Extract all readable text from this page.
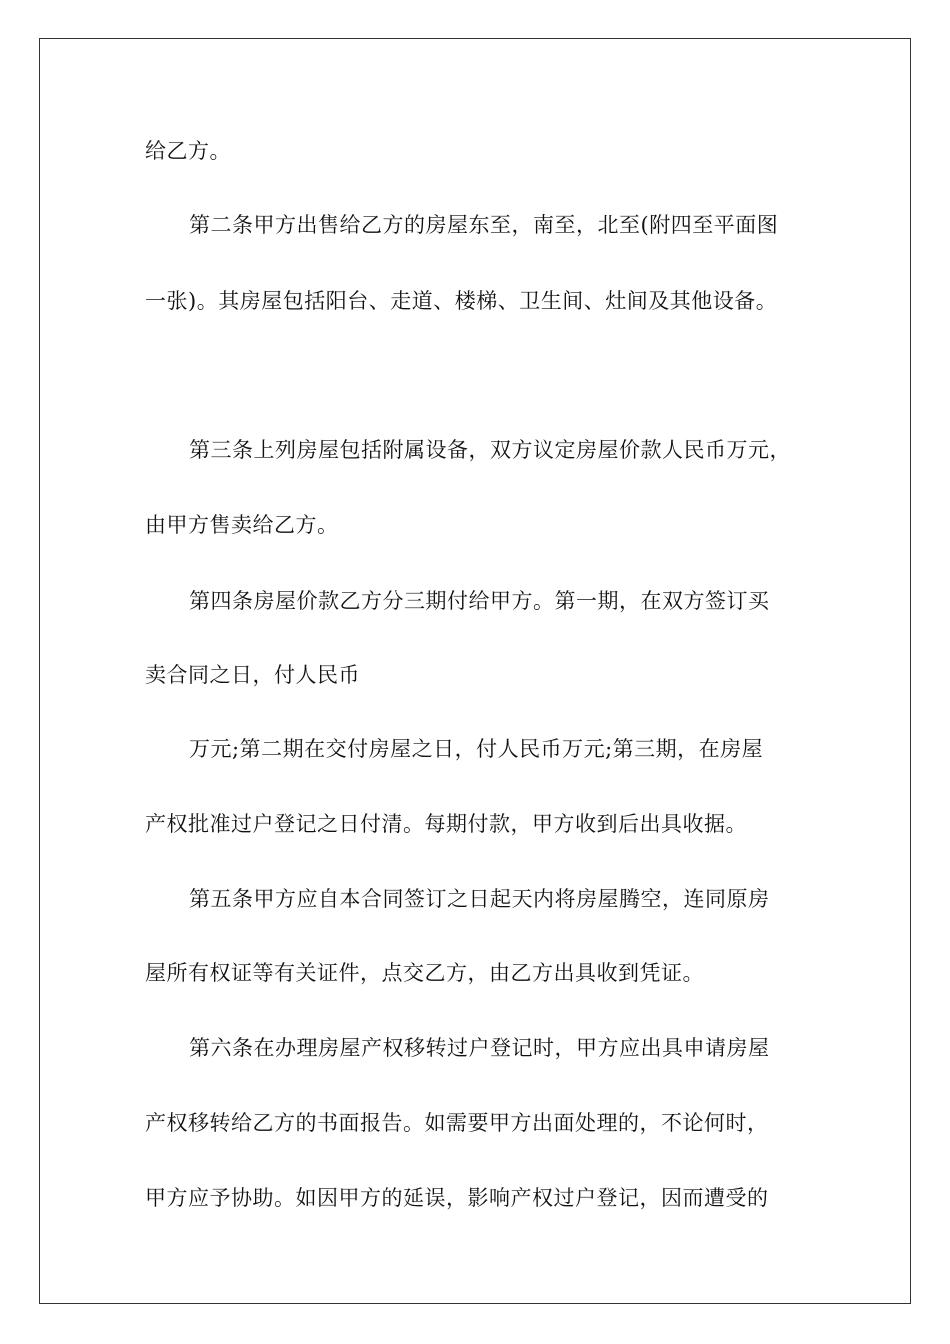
给乙方。
第二条甲方出售给乙方的房屋东至，南至，北至(附四至平面图
一张)。其房屋包括阳台、走道、楼梯、卫生间、灶间及其他设备。
第三条上列房屋包括附属设备，双方议定房屋价款人民币万元，
由甲方售卖给乙方。
第四条房屋价款乙方分三期付给甲方。第一期，在双方签订买
卖合同之日，付人民币
万元;第二期在交付房屋之日，付人民币万元;第三期，在房屋
产权批准过户登记之日付清。每期付款，甲方收到后出具收据。
第五条甲方应自本合同签订之日起天内将房屋腾空，连同原房
屋所有权证等有关证件，点交乙方，由乙方出具收到凭证。
第六条在办理房屋产权移转过户登记时，甲方应出具申请房屋
产权移转给乙方的书面报告。如需要甲方出面处理的，不论何时，
甲方应予协助。如因甲方的延误，影响产权过户登记，因而遭受的
